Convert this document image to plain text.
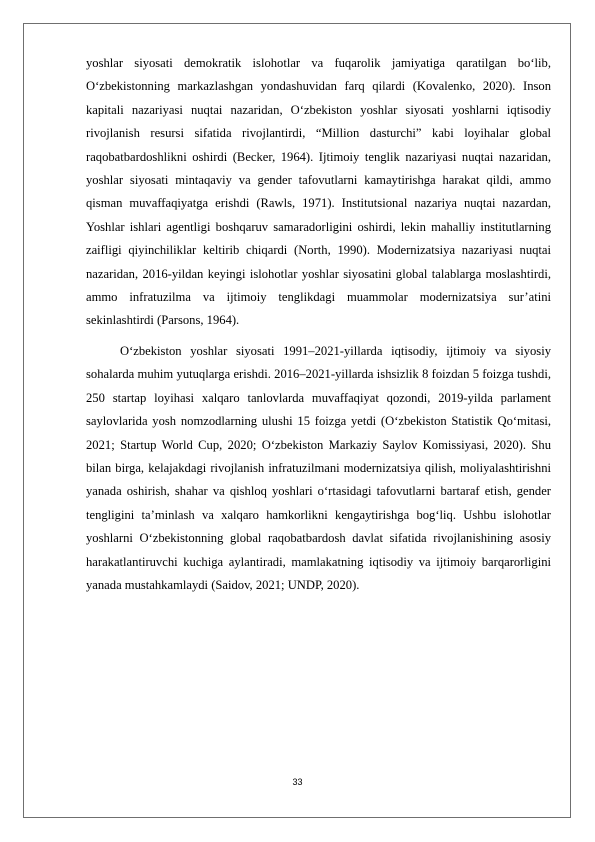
yoshlar siyosati demokratik islohotlar va fuqarolik jamiyatiga qaratilgan bo‘lib, O‘zbekistonning markazlashgan yondashuvidan farq qilardi (Kovalenko, 2020). Inson kapitali nazariyasi nuqtai nazaridan, O‘zbekiston yoshlar siyosati yoshlarni iqtisodiy rivojlanish resursi sifatida rivojlantirdi, “Million dasturchi” kabi loyihalar global raqobatbardoshlikni oshirdi (Becker, 1964). Ijtimoiy tenglik nazariyasi nuqtai nazaridan, yoshlar siyosati mintaqaviy va gender tafovutlarni kamaytirishga harakat qildi, ammo qisman muvaffaqiyatga erishdi (Rawls, 1971). Institutsional nazariya nuqtai nazardan, Yoshlar ishlari agentligi boshqaruv samaradorligini oshirdi, lekin mahalliy institutlarning zaifligi qiyinchiliklar keltirib chiqardi (North, 1990). Modernizatsiya nazariyasi nuqtai nazaridan, 2016-yildan keyingi islohotlar yoshlar siyosatini global talablarga moslashtirdi, ammo infratuzilma va ijtimoiy tenglikdagi muammolar modernizatsiya sur’atini sekinlashtirdi (Parsons, 1964).

O‘zbekiston yoshlar siyosati 1991–2021-yillarda iqtisodiy, ijtimoiy va siyosiy sohalarda muhim yutuqlarga erishdi. 2016–2021-yillarda ishsizlik 8 foizdan 5 foizga tushdi, 250 startap loyihasi xalqaro tanlovlarda muvaffaqiyat qozondi, 2019-yilda parlament saylovlarida yosh nomzodlarning ulushi 15 foizga yetdi (O‘zbekiston Statistik Qo‘mitasi, 2021; Startup World Cup, 2020; O‘zbekiston Markaziy Saylov Komissiyasi, 2020). Shu bilan birga, kelajakdagi rivojlanish infratuzilmani modernizatsiya qilish, moliyalashtirishni yanada oshirish, shahar va qishloq yoshlari o‘rtasidagi tafovutlarni bartaraf etish, gender tengligini ta’minlash va xalqaro hamkorlikni kengaytirishga bog‘liq. Ushbu islohotlar yoshlarni O‘zbekistonning global raqobatbardosh davlat sifatida rivojlanishining asosiy harakatlantiruvchi kuchiga aylantiradi, mamlakatning iqtisodiy va ijtimoiy barqarorligini yanada mustahkamlaydi (Saidov, 2021; UNDP, 2020).

33
